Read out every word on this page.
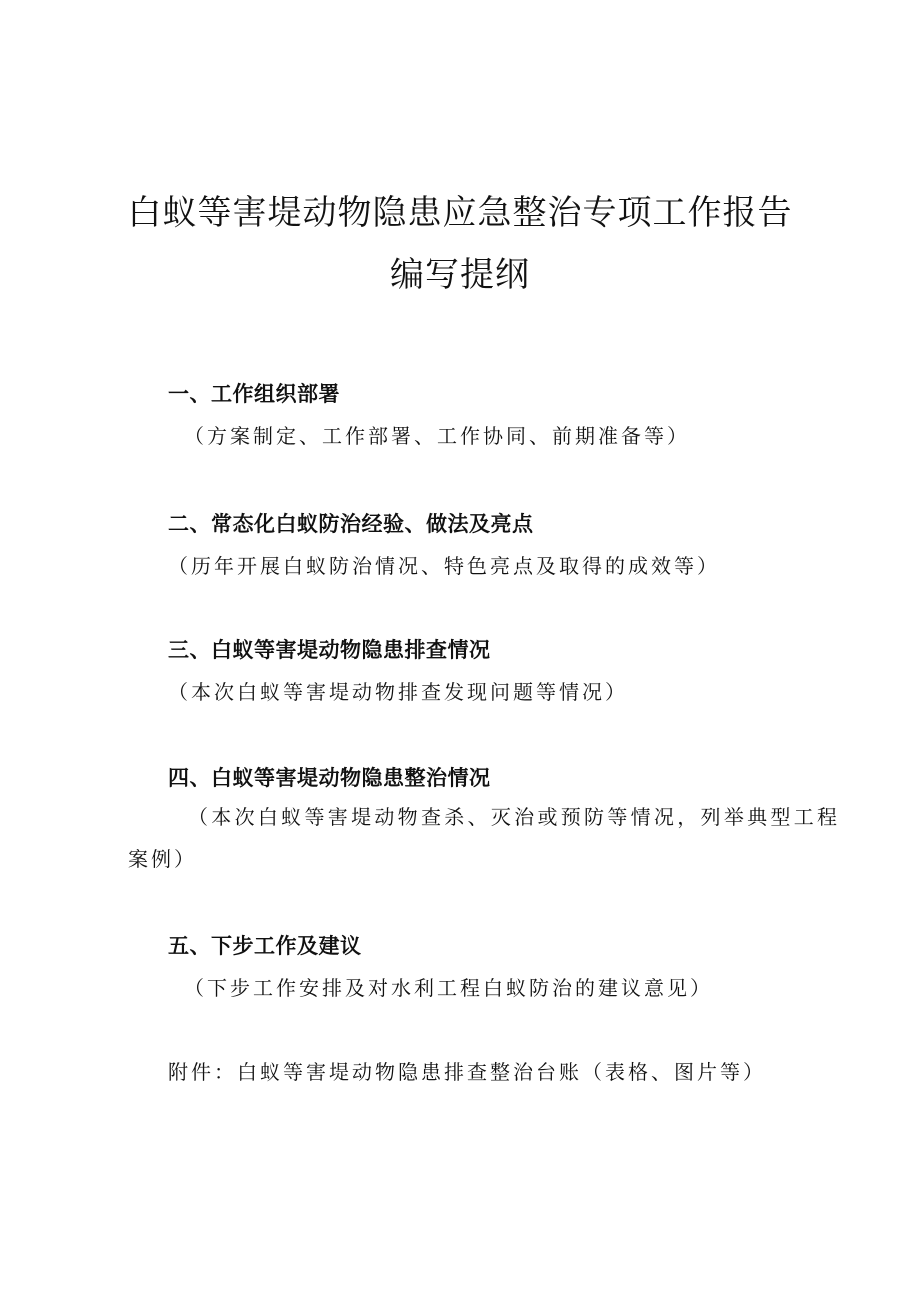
白蚁等害堤动物隐患应急整治专项工作报告
编写提纲
一、工作组织部署
（方案制定、工作部署、工作协同、前期准备等）
二、常态化白蚁防治经验、做法及亮点
（历年开展白蚁防治情况、特色亮点及取得的成效等）
三、白蚁等害堤动物隐患排查情况
（本次白蚁等害堤动物排查发现问题等情况）
四、白蚁等害堤动物隐患整治情况
（本次白蚁等害堤动物查杀、灭治或预防等情况，列举典型工程案例）
五、下步工作及建议
（下步工作安排及对水利工程白蚁防治的建议意见）
附件：白蚁等害堤动物隐患排查整治台账（表格、图片等）
